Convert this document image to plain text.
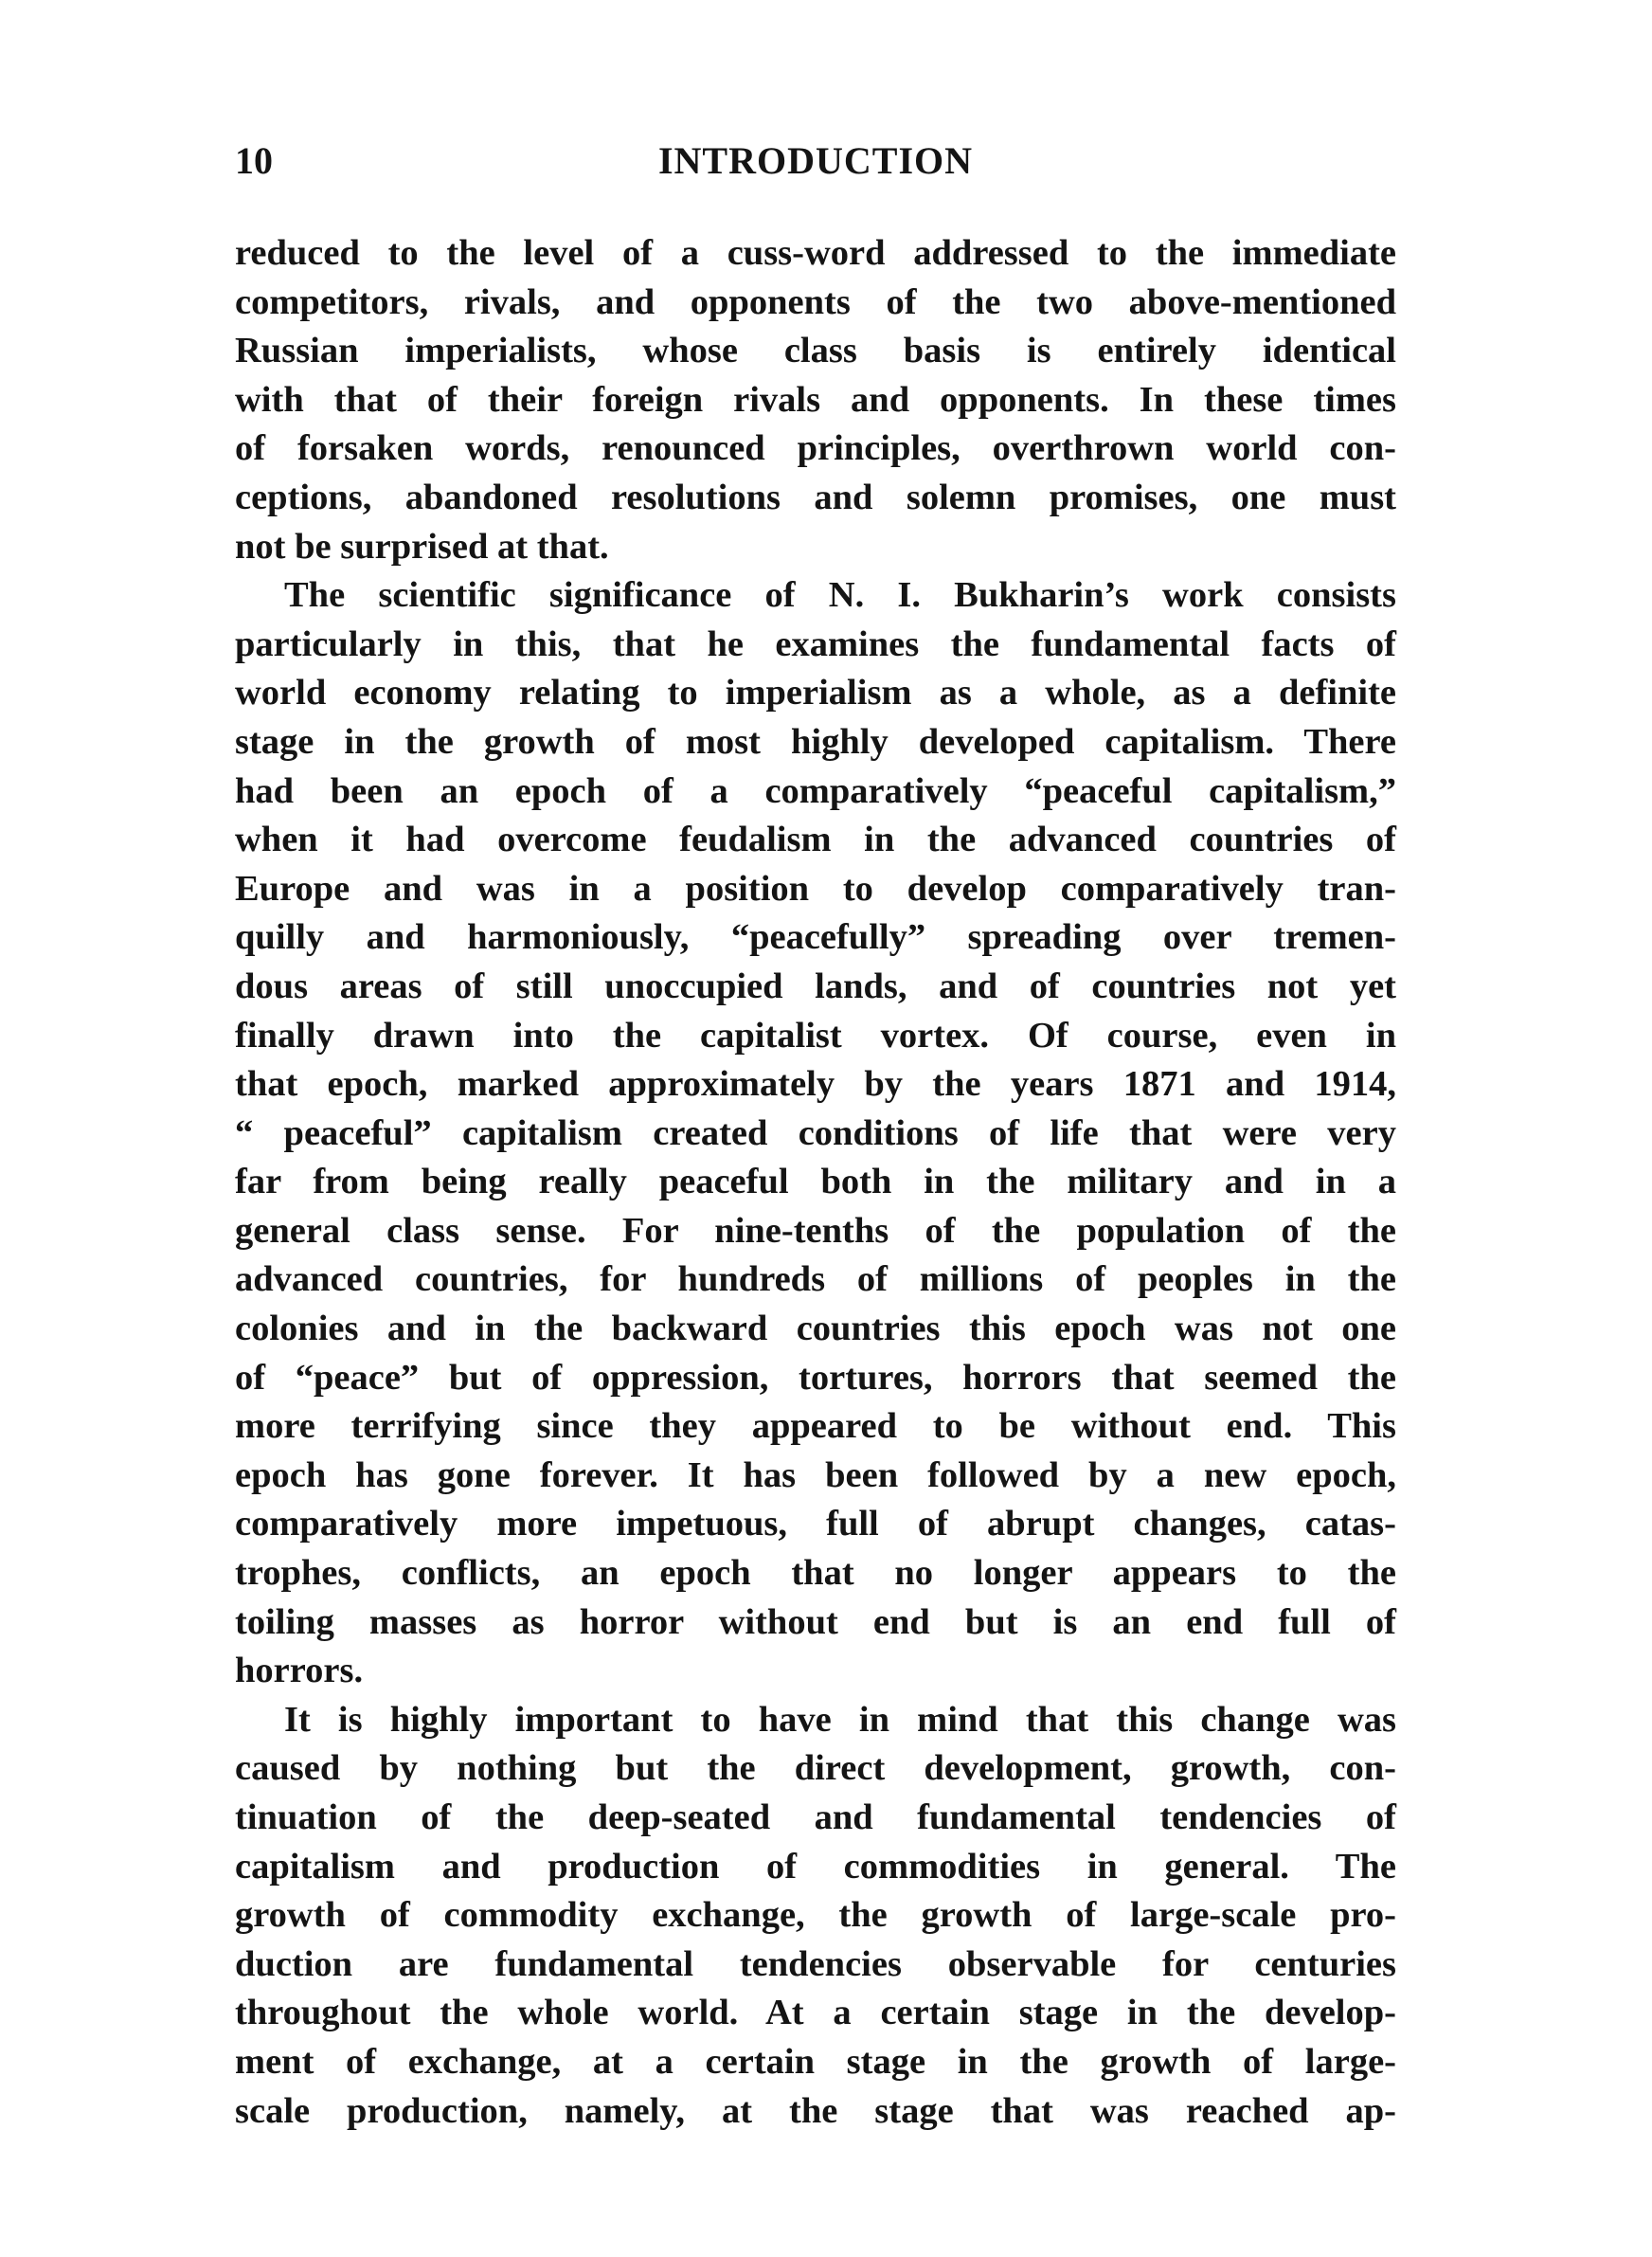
10	INTRODUCTION
reduced to the level of a cuss-word addressed to the immediate
competitors, rivals, and opponents of the two above-mentioned
Russian imperialists, whose class basis is entirely identical
with that of their foreign rivals and opponents. In these times
of forsaken words, renounced principles, overthrown world con-
ceptions, abandoned resolutions and solemn promises, one must
not be surprised at that.
The scientific significance of N. I. Bukharin’s work consists
particularly in this, that he examines the fundamental facts of
world economy relating to imperialism as a whole, as a definite
stage in the growth of most highly developed capitalism. There
had been an epoch of a comparatively “peaceful capitalism,”
when it had overcome feudalism in the advanced countries of
Europe and was in a position to develop comparatively tran-
quilly and harmoniously, “peacefully” spreading over tremen-
dous areas of still unoccupied lands, and of countries not yet
finally drawn into the capitalist vortex. Of course, even in
that epoch, marked approximately by the years 1871 and 1914,
“ peaceful” capitalism created conditions of life that were very
far from being really peaceful both in the military and in a
general class sense. For nine-tenths of the population of the
advanced countries, for hundreds of millions of peoples in the
colonies and in the backward countries this epoch was not one
of “peace” but of oppression, tortures, horrors that seemed the
more terrifying since they appeared to be without end. This
epoch has gone forever. It has been followed by a new epoch,
comparatively more impetuous, full of abrupt changes, catas-
trophes, conflicts, an epoch that no longer appears to the
toiling masses as horror without end but is an end full of
horrors.
It is highly important to have in mind that this change was
caused by nothing but the direct development, growth, con-
tinuation of the deep-seated and fundamental tendencies of
capitalism and production of commodities in general. The
growth of commodity exchange, the growth of large-scale pro-
duction are fundamental tendencies observable for centuries
throughout the whole world. At a certain stage in the develop-
ment of exchange, at a certain stage in the growth of large-
scale production, namely, at the stage that was reached ap-
